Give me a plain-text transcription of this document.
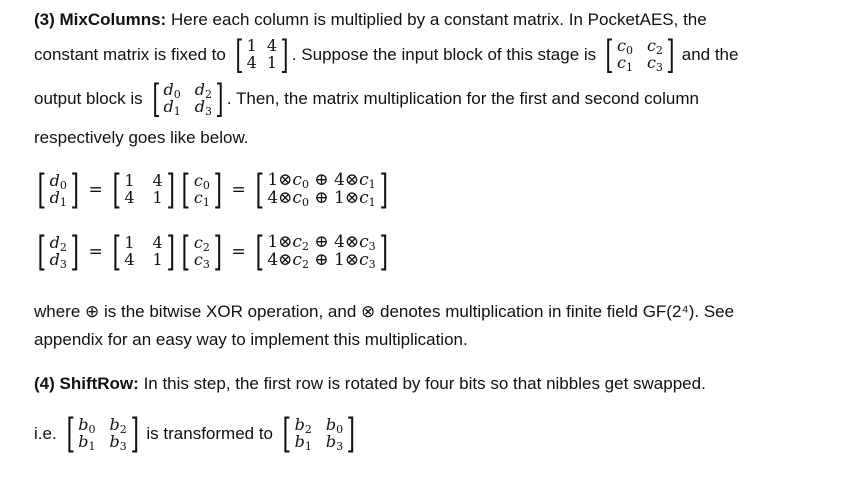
(3) MixColumns: Here each column is multiplied by a constant matrix. In PocketAES, the
constant matrix is fixed to [ 1 4
4 1 ] . Suppose the input block of this stage is [ $c_0$ $c_2$
$c_1$ $c_3$ ] and the
output block is [ $d_0$ $d_2$
$d_1$ $d_3$ ] . Then, the matrix multiplication for the first and second column
respectively goes like below.
[ $d_0$
$d_1$ ] = [ 1 4
4 1 ] [ $c_0$
$c_1$ ] = [ $1\otimes c_0$ ⊕ $4\otimes c_1$
$4\otimes c_0$ ⊕ $1\otimes c_1$ ]
[ $d_2$
$d_3$ ] = [ 1 4
4 1 ] [ $c_2$
$c_3$ ] = [ $1\otimes c_2$ ⊕ $4\otimes c_3$
$4\otimes c_2$ ⊕ $1\otimes c_3$ ]
where ⊕ is the bitwise XOR operation, and ⊗ denotes multiplication in finite field GF(2⁴). See
appendix for an easy way to implement this multiplication.
(4) ShiftRow: In this step, the first row is rotated by four bits so that nibbles get swapped.
i.e. [ $b_0$ $b_2$
$b_1$ $b_3$ ] is transformed to [ $b_2$ $b_0$
$b_1$ $b_3$ ]
